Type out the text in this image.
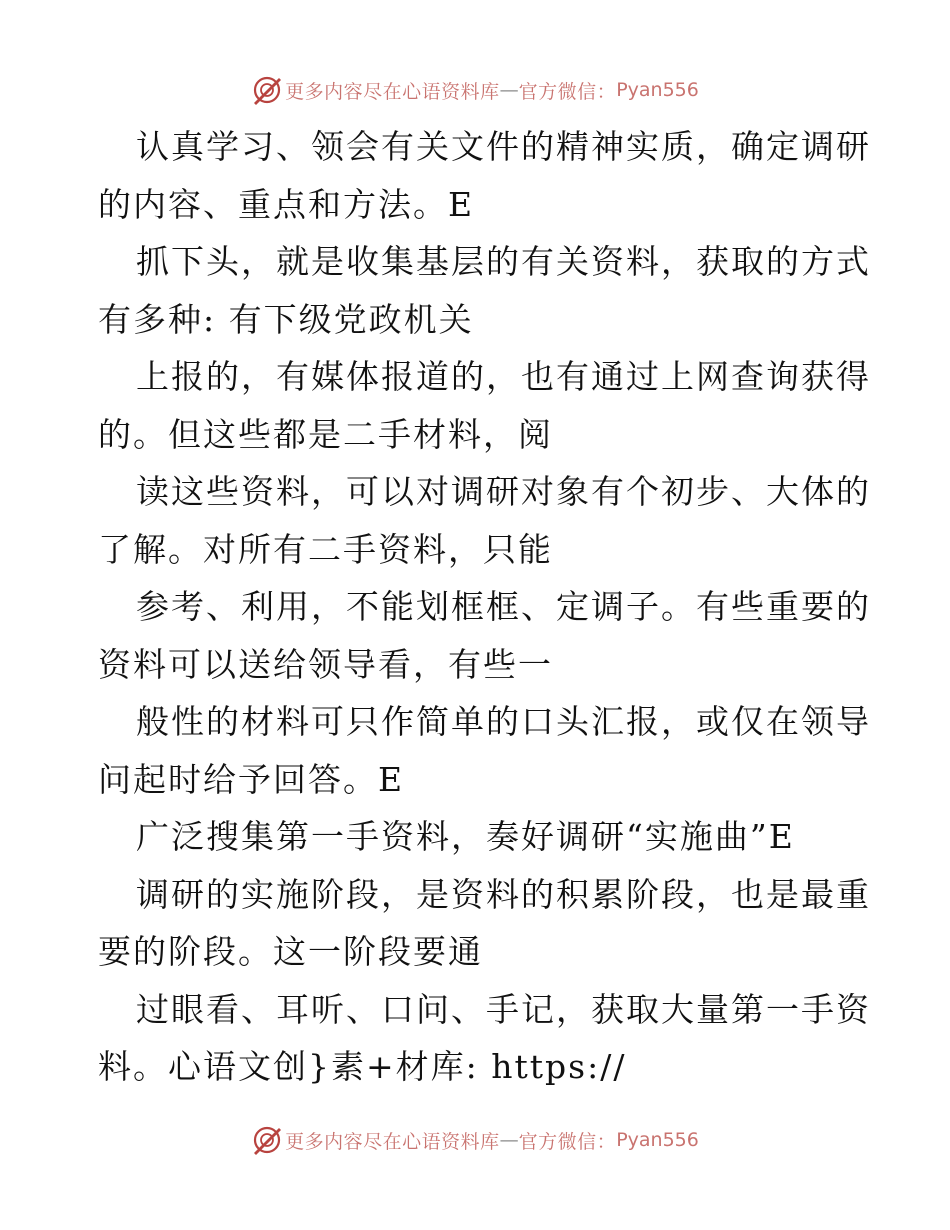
更多内容尽在心语资料库 — 官方微信： Pyan556
认真学习、领会有关文件的精神实质，确定调研
的内容、重点和方法。E
抓下头，就是收集基层的有关资料，获取的方式
有多种: 有下级党政机关
上报的，有媒体报道的，也有通过上网查询获得
的。但这些都是二手材料，阅
读这些资料，可以对调研对象有个初步、大体的
了解。对所有二手资料，只能
参考、利用，不能划框框、定调子。有些重要的
资料可以送给领导看，有些一
般性的材料可只作简单的口头汇报，或仅在领导
问起时给予回答。E
广泛搜集第一手资料，奏好调研“实施曲”E
调研的实施阶段，是资料的积累阶段，也是最重
要的阶段。这一阶段要通
过眼看、耳听、口问、手记，获取大量第一手资
料。心语文创}素+材库: https://
更多内容尽在心语资料库 — 官方微信： Pyan556
